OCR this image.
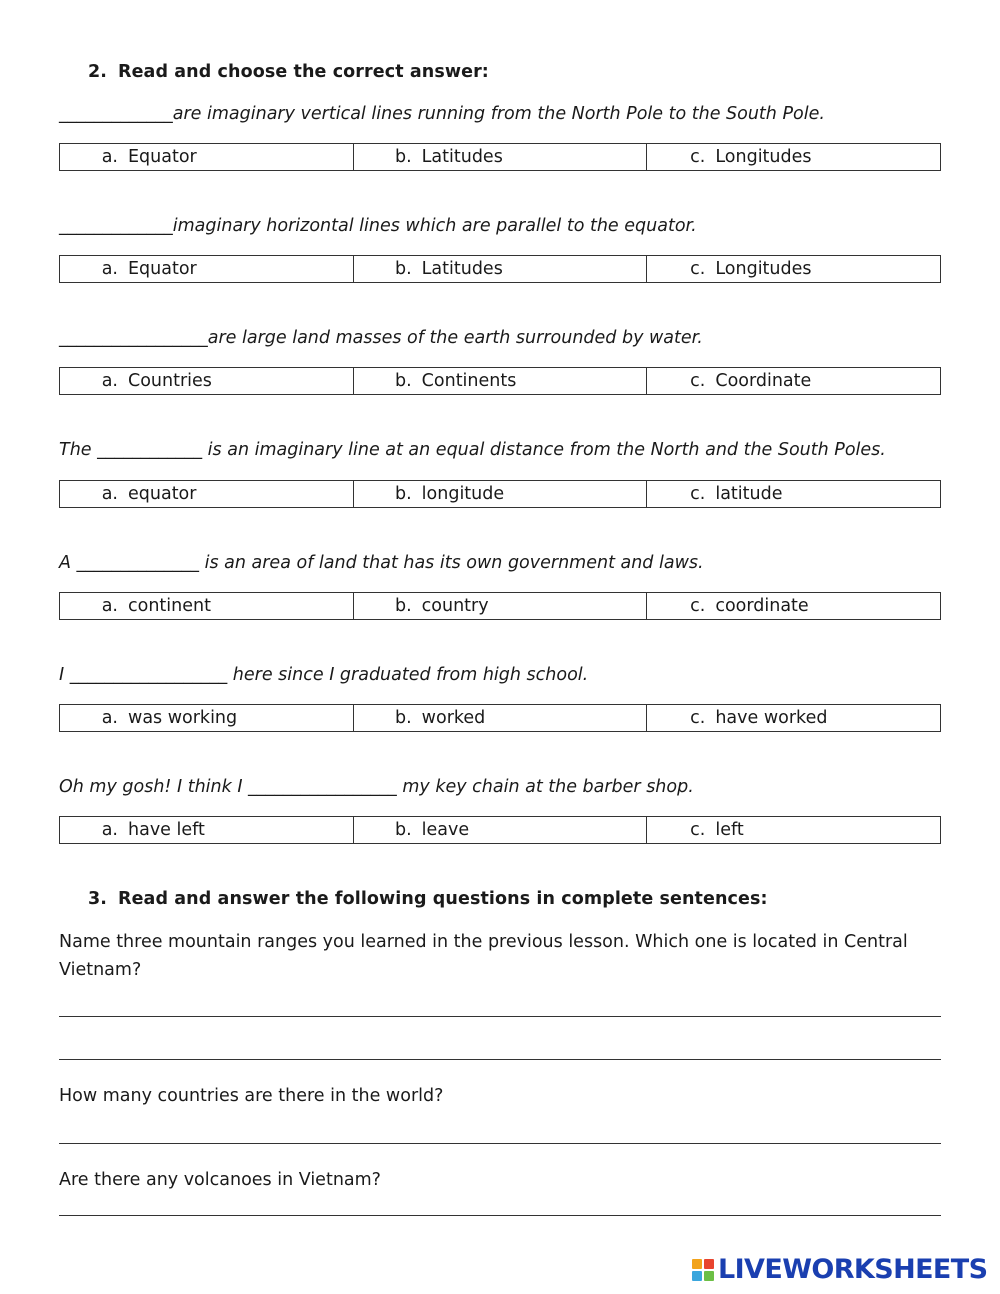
2. Read and choose the correct answer:
_____________are imaginary vertical lines running from the North Pole to the South Pole.
a. Equator	b. Latitudes	c. Longitudes
_____________imaginary horizontal lines which are parallel to the equator.
a. Equator	b. Latitudes	c. Longitudes
_________________are large land masses of the earth surrounded by water.
a. Countries	b. Continents	c. Coordinate
The ____________ is an imaginary line at an equal distance from the North and the South Poles.
a. equator	b. longitude	c. latitude
A ______________ is an area of land that has its own government and laws.
a. continent	b. country	c. coordinate
I __________________ here since I graduated from high school.
a. was working	b. worked	c. have worked
Oh my gosh! I think I _________________ my key chain at the barber shop.
a. have left	b. leave	c. left
3. Read and answer the following questions in complete sentences:
Name three mountain ranges you learned in the previous lesson. Which one is located in Central Vietnam?
How many countries are there in the world?
Are there any volcanoes in Vietnam?
LIVEWORKSHEETS
